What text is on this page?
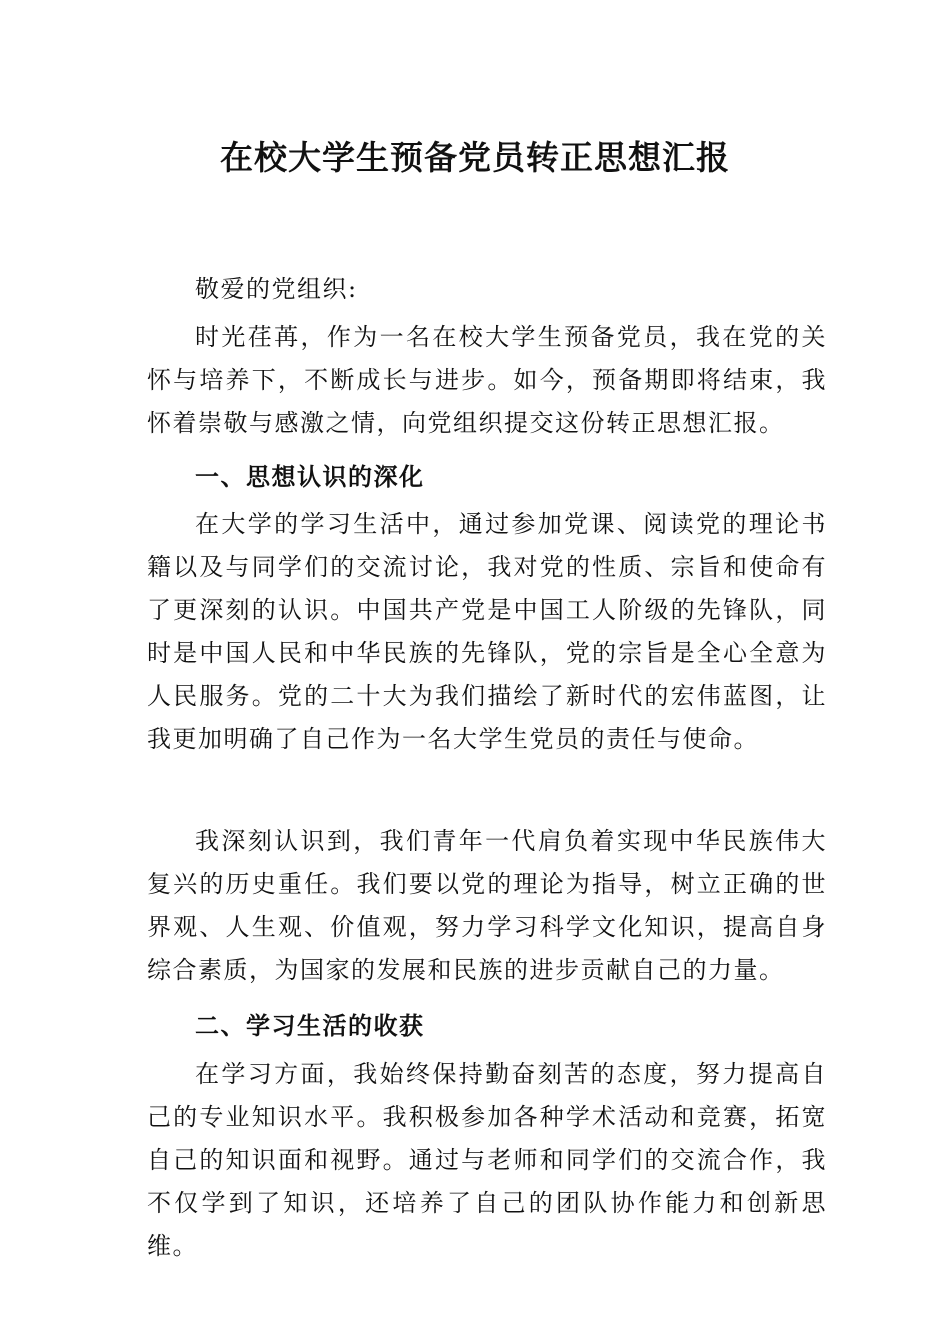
在校大学生预备党员转正思想汇报

敬爱的党组织:

时光荏苒，作为一名在校大学生预备党员，我在党的关怀与培养下，不断成长与进步。如今，预备期即将结束，我怀着崇敬与感激之情，向党组织提交这份转正思想汇报。

一、思想认识的深化

在大学的学习生活中，通过参加党课、阅读党的理论书　籍以及与同学们的交流讨论，我对党的性质、宗旨和使命有　了更深刻的认识。中国共产党是中国工人阶级的先锋队，同　时是中国人民和中华民族的先锋队，党的宗旨是全心全意为　人民服务。党的二十大为我们描绘了新时代的宏伟蓝图，让　我更加明确了自己作为一名大学生党员的责任与使命。

我深刻认识到，我们青年一代肩负着实现中华民族伟大复兴的历史重任。我们要以党的理论为指导，树立正确的世界观、人生观、价值观，努力学习科学文化知识，提高自身综合素质，为国家的发展和民族的进步贡献自己的力量。

二、学习生活的收获

在学习方面，我始终保持勤奋刻苦的态度，努力提高自己的专业知识水平。我积极参加各种学术活动和竞赛，拓宽自己的知识面和视野。通过与老师和同学们的交流合作，我不仅学到了知识，还培养了自己的团队协作能力和创新思维。
